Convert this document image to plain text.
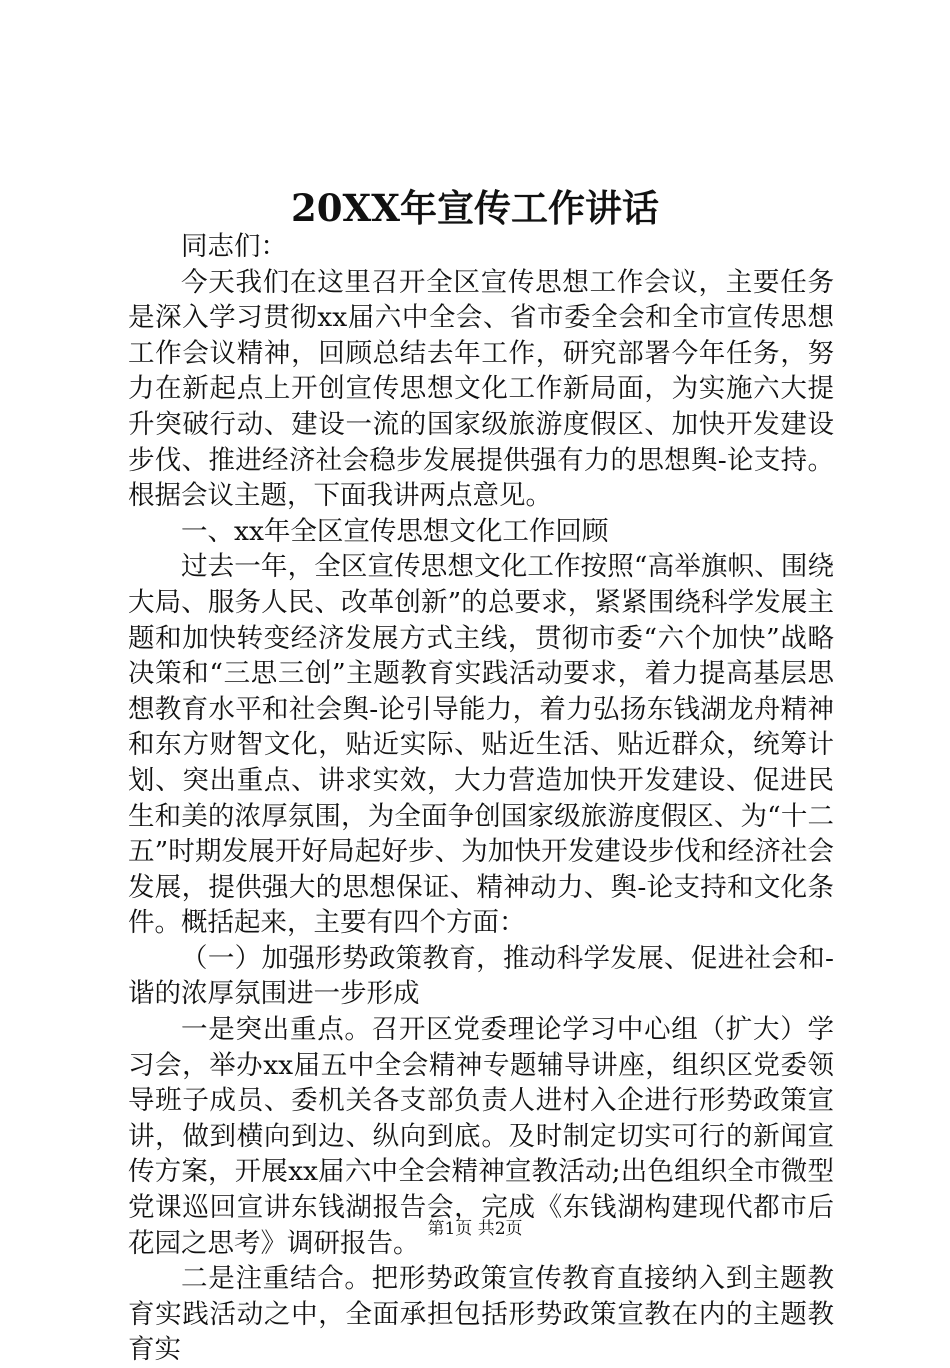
20XX年宣传工作讲话

同志们：

今天我们在这里召开全区宣传思想工作会议，主要任务是深入学习贯彻xx届六中全会、省市委全会和全市宣传思想工作会议精神，回顾总结去年工作，研究部署今年任务，努力在新起点上开创宣传思想文化工作新局面，为实施六大提升突破行动、建设一流的国家级旅游度假区、加快开发建设步伐、推进经济社会稳步发展提供强有力的思想舆-论支持。根据会议主题，下面我讲两点意见。

一、xx年全区宣传思想文化工作回顾

过去一年，全区宣传思想文化工作按照“高举旗帜、围绕大局、服务人民、改革创新”的总要求，紧紧围绕科学发展主题和加快转变经济发展方式主线，贯彻市委“六个加快”战略决策和“三思三创”主题教育实践活动要求，着力提高基层思想教育水平和社会舆-论引导能力，着力弘扬东钱湖龙舟精神和东方财智文化，贴近实际、贴近生活、贴近群众，统筹计划、突出重点、讲求实效，大力营造加快开发建设、促进民生和美的浓厚氛围，为全面争创国家级旅游度假区、为“十二五”时期发展开好局起好步、为加快开发建设步伐和经济社会发展，提供强大的思想保证、精神动力、舆-论支持和文化条件。概括起来，主要有四个方面：

（一）加强形势政策教育，推动科学发展、促进社会和-谐的浓厚氛围进一步形成

一是突出重点。召开区党委理论学习中心组（扩大）学习会，举办xx届五中全会精神专题辅导讲座，组织区党委领导班子成员、委机关各支部负责人进村入企进行形势政策宣讲，做到横向到边、纵向到底。及时制定切实可行的新闻宣传方案，开展xx届六中全会精神宣教活动;出色组织全市微型党课巡回宣讲东钱湖报告会，完成《东钱湖构建现代都市后花园之思考》调研报告。

二是注重结合。把形势政策宣传教育直接纳入到主题教育实践活动之中，全面承担包括形势政策宣教在内的主题教育实

第1页 共2页
